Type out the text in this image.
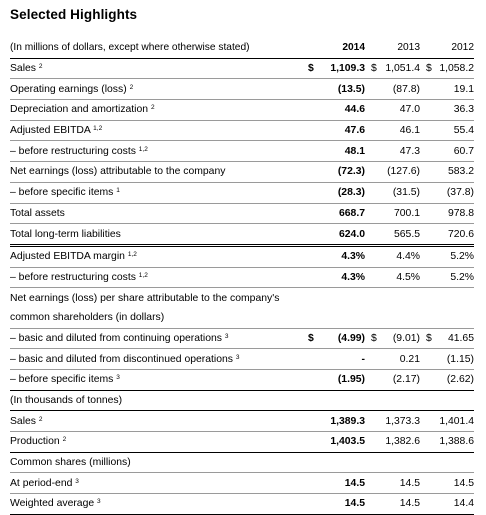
Selected Highlights
(In millions of dollars, except where otherwise stated)	2014	2013	2012
Sales $^2$	$ 1,109.3	$ 1,051.4	$ 1,058.2
Operating earnings (loss) $^2$	(13.5)	(87.8)	19.1
Depreciation and amortization $^2$	44.6	47.0	36.3
Adjusted EBITDA $^{1,2}$	47.6	46.1	55.4
– before restructuring costs $^{1,2}$	48.1	47.3	60.7
Net earnings (loss) attributable to the company	(72.3)	(127.6)	583.2
– before specific items $^1$	(28.3)	(31.5)	(37.8)
Total assets	668.7	700.1	978.8
Total long-term liabilities	624.0	565.5	720.6
Adjusted EBITDA margin $^{1,2}$	4.3%	4.4%	5.2%
– before restructuring costs $^{1,2}$	4.3%	4.5%	5.2%
Net earnings (loss) per share attributable to the company's			
common shareholders (in dollars)			
– basic and diluted from continuing operations $^3$	$ (4.99)	$ (9.01)	$ 41.65
– basic and diluted from discontinued operations $^3$	-	0.21	(1.15)
– before specific items $^3$	(1.95)	(2.17)	(2.62)
(In thousands of tonnes)			
Sales $^2$	1,389.3	1,373.3	1,401.4
Production $^2$	1,403.5	1,382.6	1,388.6
Common shares (millions)			
At period-end $^3$	14.5	14.5	14.5
Weighted average $^3$	14.5	14.5	14.4
